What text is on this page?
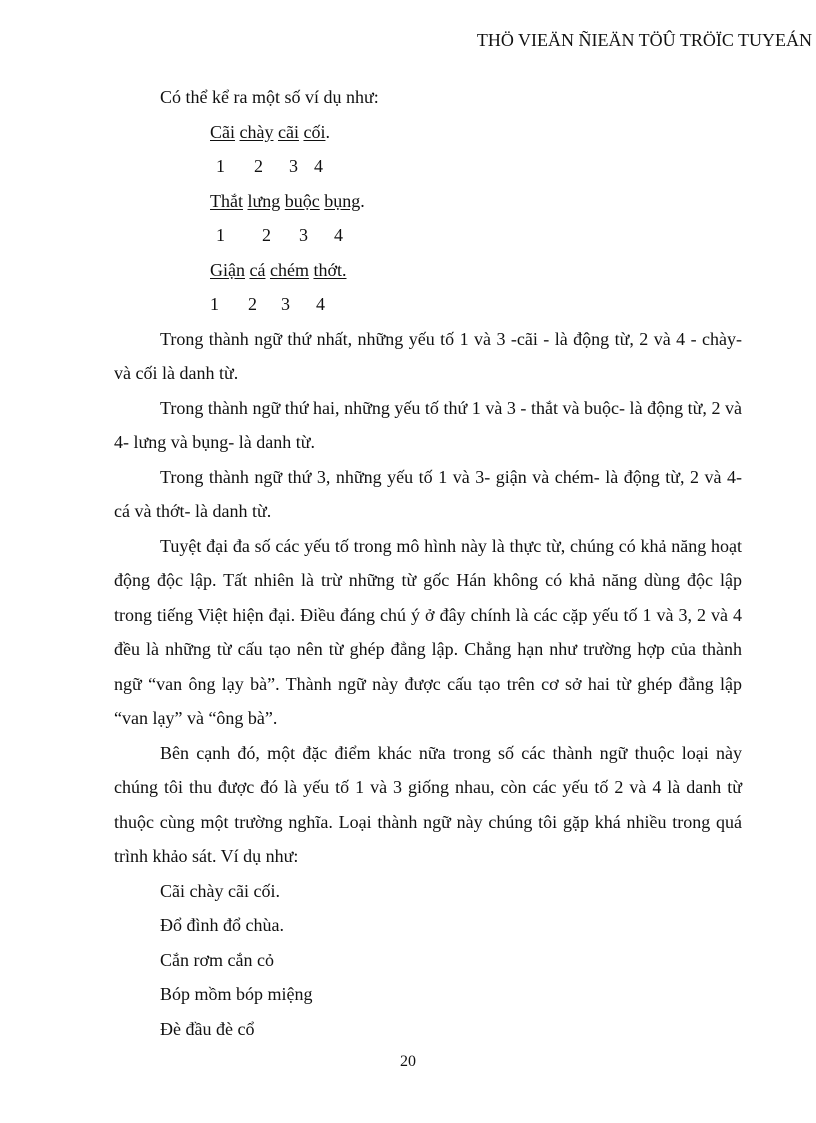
THÖ VIEÄN ÑIEÄN TÖÛ TRÖÏC TUYEÁN

Có thể kể ra một số ví dụ như:

Cãi chày cãi cối.

1 2 3 4

Thắt lưng buộc bụng.

1 2 3 4

Giận cá chém thớt.

1 2 3 4

Trong thành ngữ thứ nhất, những yếu tố 1 và 3 -cãi - là động từ, 2 và 4 - chày- và cối là danh từ.

Trong thành ngữ thứ hai, những yếu tố thứ 1 và 3 - thắt và buộc- là động từ, 2 và 4- lưng và bụng- là danh từ.

Trong thành ngữ thứ 3, những yếu tố 1 và 3- giận và chém- là động từ, 2 và 4- cá và thớt- là danh từ.

Tuyệt đại đa số các yếu tố trong mô hình này là thực từ, chúng có khả năng hoạt động độc lập. Tất nhiên là trừ những từ gốc Hán không có khả năng dùng độc lập trong tiếng Việt hiện đại. Điều đáng chú ý ở đây chính là các cặp yếu tố 1 và 3, 2 và 4 đều là những từ cấu tạo nên từ ghép đẳng lập. Chẳng hạn như trường hợp của thành ngữ “van ông lạy bà”. Thành ngữ này được cấu tạo trên cơ sở hai từ ghép đẳng lập “van lạy” và “ông bà”.

Bên cạnh đó, một đặc điểm khác nữa trong số các thành ngữ thuộc loại này chúng tôi thu được đó là yếu tố 1 và 3 giống nhau, còn các yếu tố 2 và 4 là danh từ thuộc cùng một trường nghĩa. Loại thành ngữ này chúng tôi gặp khá nhiều trong quá trình khảo sát. Ví dụ như:

Cãi chày cãi cối.

Đổ đình đổ chùa.

Cắn rơm cắn cỏ

Bóp mồm bóp miệng

Đè đầu đè cổ

20
